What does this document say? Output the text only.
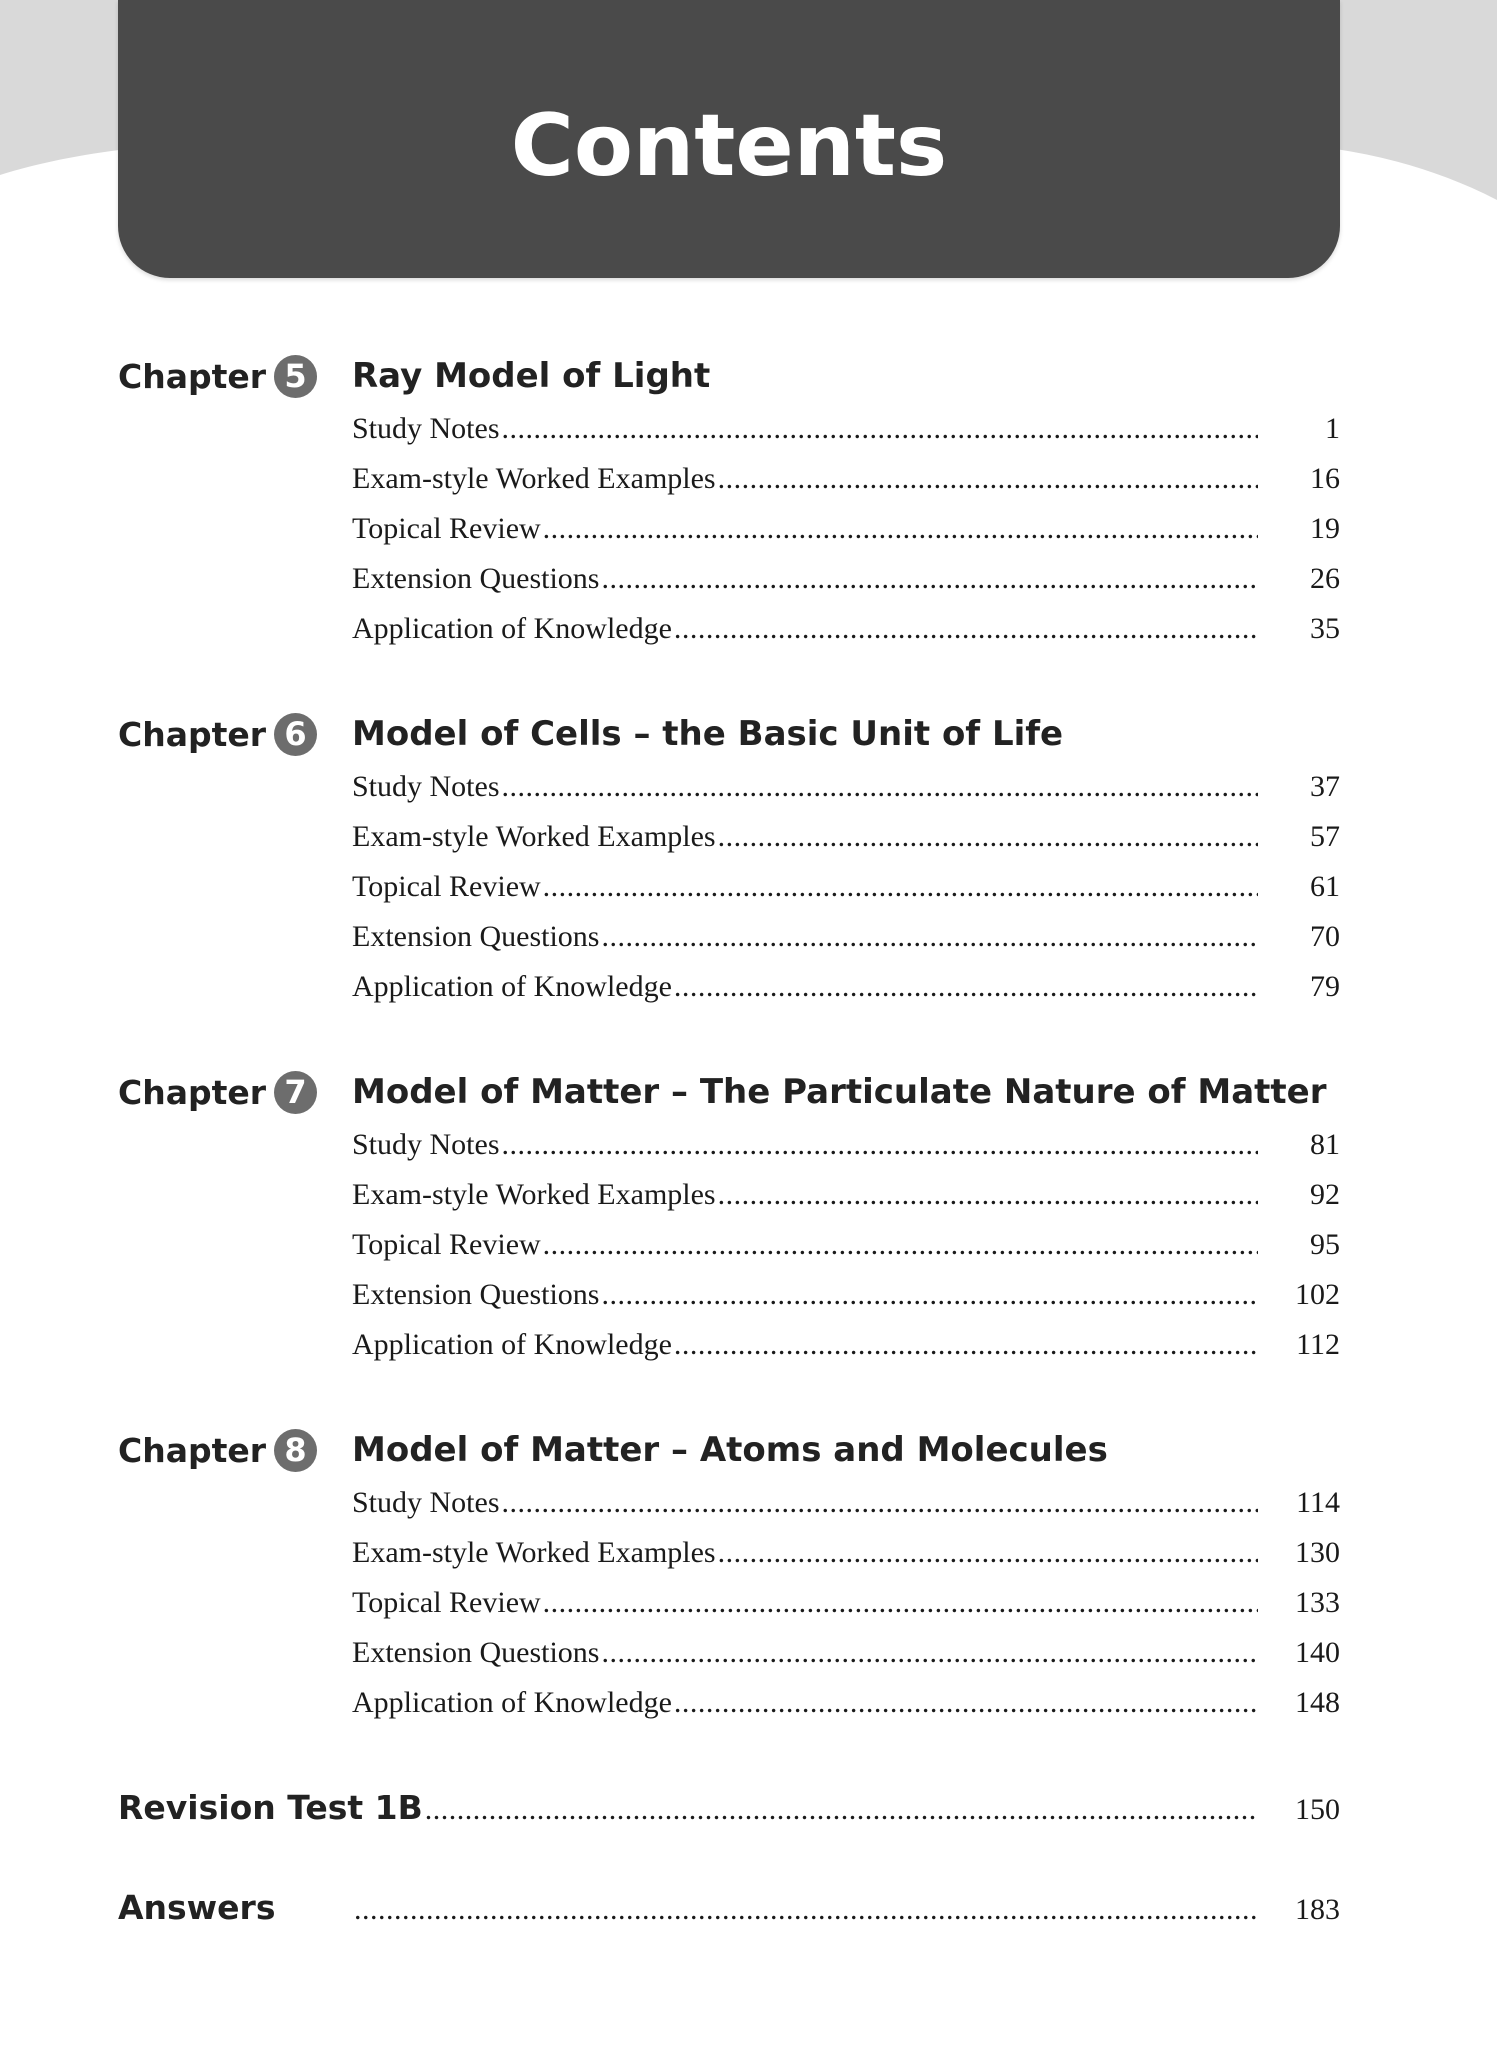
Contents
Chapter 5	Ray Model of Light
Study Notes .....	1
Exam-style Worked Examples .....	16
Topical Review .....	19
Extension Questions .....	26
Application of Knowledge .....	35
Chapter 6	Model of Cells – the Basic Unit of Life
Study Notes .....	37
Exam-style Worked Examples .....	57
Topical Review .....	61
Extension Questions .....	70
Application of Knowledge .....	79
Chapter 7	Model of Matter – The Particulate Nature of Matter
Study Notes .....	81
Exam-style Worked Examples .....	92
Topical Review .....	95
Extension Questions .....	102
Application of Knowledge .....	112
Chapter 8	Model of Matter – Atoms and Molecules
Study Notes .....	114
Exam-style Worked Examples .....	130
Topical Review .....	133
Extension Questions .....	140
Application of Knowledge .....	148
Revision Test 1B .....	150
Answers .....	183
